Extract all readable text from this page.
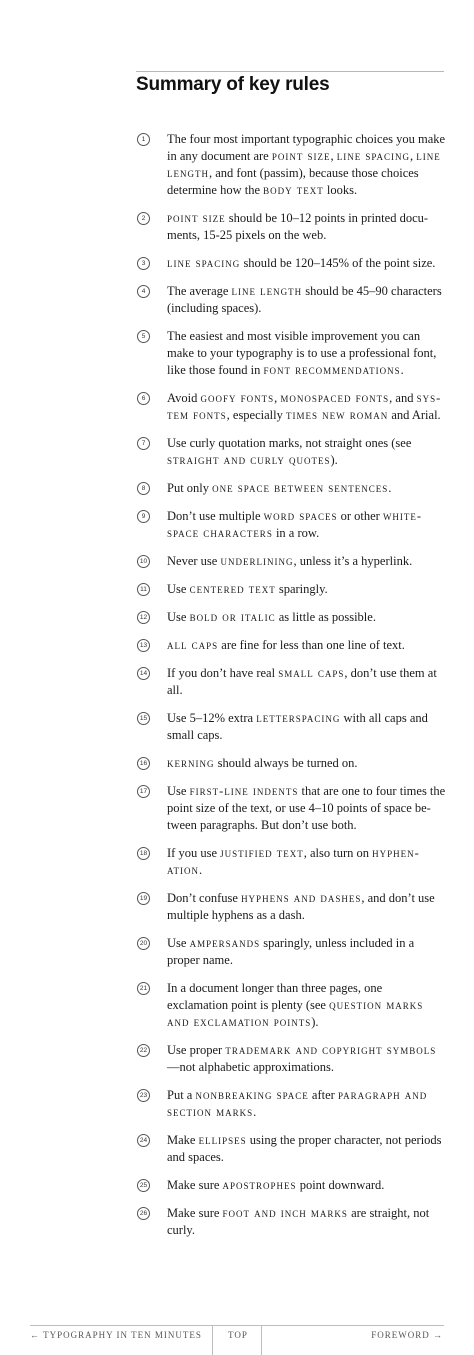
Summary of key rules
1	The four most important typographic choices you make in any document are point size, line spacing, line length, and font (passim), because those choices determine how the body text looks.
2	point size should be 10–12 points in printed documents, 15-25 pixels on the web.
3	line spacing should be 120–145% of the point size.
4	The average line length should be 45–90 characters (including spaces).
5	The easiest and most visible improvement you can make to your typography is to use a professional font, like those found in font recommendations.
6	Avoid goofy fonts, monospaced fonts, and system fonts, especially times new roman and Arial.
7	Use curly quotation marks, not straight ones (see straight and curly quotes).
8	Put only one space between sentences.
9	Don’t use multiple word spaces or other white-space characters in a row.
10 Never use underlining, unless it’s a hyperlink.
11 Use centered text sparingly.
12 Use bold or italic as little as possible.
13 all caps are fine for less than one line of text.
14 If you don’t have real small caps, don’t use them at all.
15 Use 5–12% extra letterspacing with all caps and small caps.
16 kerning should always be turned on.
17 Use first-line indents that are one to four times the point size of the text, or use 4–10 points of space between paragraphs. But don’t use both.
18 If you use justified text, also turn on hyphenation.
19 Don’t confuse hyphens and dashes, and don’t use multiple hyphens as a dash.
20 Use ampersands sparingly, unless included in a proper name.
21 In a document longer than three pages, one exclamation point is plenty (see question marks and exclamation points).
22 Use proper trademark and copyright symbols —not alphabetic approximations.
23 Put a nonbreaking space after paragraph and section marks.
24 Make ellipses using the proper character, not periods and spaces.
25 Make sure apostrophes point downward.
26 Make sure foot and inch marks are straight, not curly.
← TYPOGRAPHY IN TEN MINUTES	TOP	FOREWORD →
